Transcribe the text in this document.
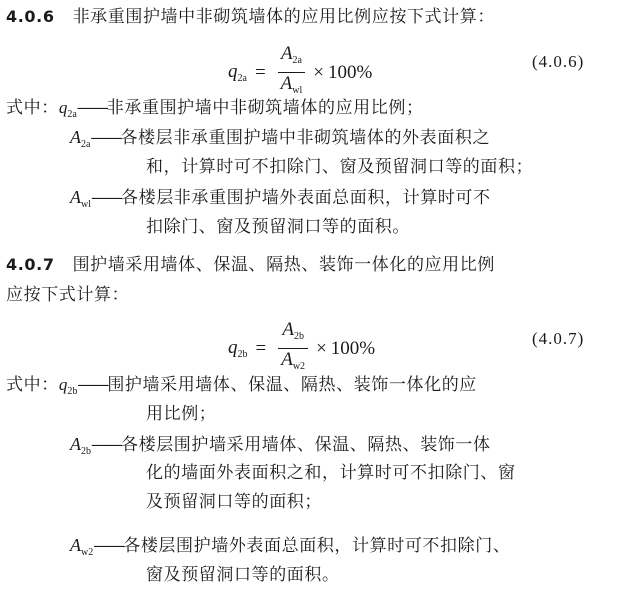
4.0.6 非承重围护墙中非砌筑墙体的应用比例应按下式计算：
$q_{2a} = \frac{A_{2a}}{A_{wl}} \times 100\%$	(4.0.6)
式中：$q_{2a}——$非承重围护墙中非砌筑墙体的应用比例；
$A_{2a}——$各楼层非承重围护墙中非砌筑墙体的外表面积之
和，计算时可不扣除门、窗及预留洞口等的面积；
$A_{wl}——$各楼层非承重围护墙外表面总面积，计算时可不
扣除门、窗及预留洞口等的面积。
4.0.7 围护墙采用墙体、保温、隔热、装饰一体化的应用比例
应按下式计算：
$q_{2b} = \frac{A_{2b}}{A_{w2}} \times 100\%$	(4.0.7)
式中：$q_{2b}——$围护墙采用墙体、保温、隔热、装饰一体化的应
用比例；
$A_{2b}——$各楼层围护墙采用墙体、保温、隔热、装饰一体
化的墙面外表面积之和，计算时可不扣除门、窗
及预留洞口等的面积；
$A_{w2}——$各楼层围护墙外表面总面积，计算时可不扣除门、
窗及预留洞口等的面积。
